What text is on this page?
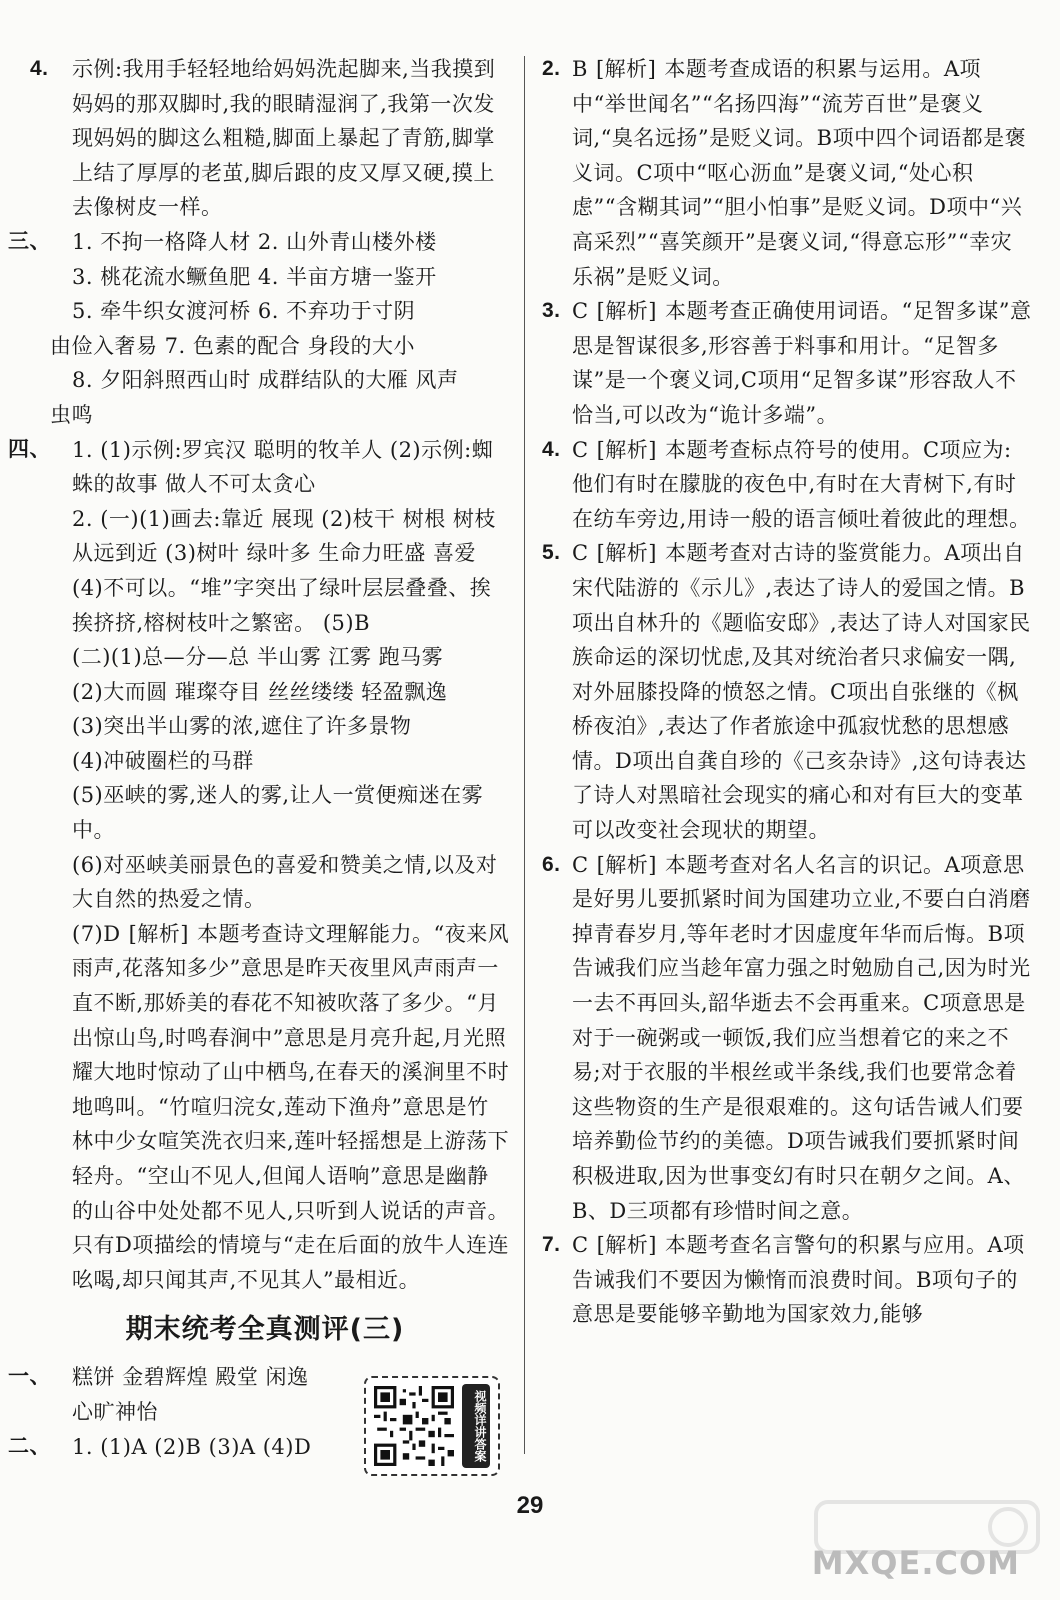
4. 示例:我用手轻轻地给妈妈洗起脚来,当我摸到妈妈的那双脚时,我的眼睛湿润了,我第一次发现妈妈的脚这么粗糙,脚面上暴起了青筋,脚掌上结了厚厚的老茧,脚后跟的皮又厚又硬,摸上去像树皮一样。

三、 1. 不拘一格降人材 2. 山外青山楼外楼
3. 桃花流水鳜鱼肥 4. 半亩方塘一鉴开
5. 牵牛织女渡河桥 6. 不弃功于寸阴
由俭入奢易 7. 色素的配合 身段的大小
8. 夕阳斜照西山时 成群结队的大雁 风声
虫鸣
四、 1. (1)示例:罗宾汉 聪明的牧羊人 (2)示例:蜘蛛的故事 做人不可太贪心
2. (一)(1)画去:靠近 展现 (2)枝干 树根 树枝 从远到近 (3)树叶 绿叶多 生命力旺盛 喜爱 (4)不可以。“堆”字突出了绿叶层层叠叠、挨挨挤挤,榕树枝叶之繁密。 (5)B
(二)(1)总—分—总 半山雾 江雾 跑马雾
(2)大而圆 璀璨夺目 丝丝缕缕 轻盈飘逸
(3)突出半山雾的浓,遮住了许多景物
(4)冲破圈栏的马群
(5)巫峡的雾,迷人的雾,让人一赏便痴迷在雾中。
(6)对巫峡美丽景色的喜爱和赞美之情,以及对大自然的热爱之情。
(7)D [ 解析 ] 本题考查诗文理解能力。“夜来风雨声,花落知多少”意思是昨天夜里风声雨声一直不断,那娇美的春花不知被吹落了多少。“月出惊山鸟,时鸣春涧中”意思是月亮升起,月光照耀大地时惊动了山中栖鸟,在春天的溪涧里不时地鸣叫。“竹喧归浣女,莲动下渔舟”意思是竹林中少女喧笑洗衣归来,莲叶轻摇想是上游荡下轻舟。“空山不见人,但闻人语响”意思是幽静的山谷中处处都不见人,只听到人说话的声音。只有D项描绘的情境与“走在后面的放牛人连连吆喝,却只闻其声,不见其人”最相近。
期末统考全真测评(三)
一、 糕饼 金碧辉煌 殿堂 闲逸
心旷神怡
二、 1. (1)A (2)B (3)A (4)D	视频详讲答案

2. B [ 解析 ] 本题考查成语的积累与运用。A项中“举世闻名”“名扬四海”“流芳百世”是褒义词,“臭名远扬”是贬义词。B项中四个词语都是褒义词。C项中“呕心沥血”是褒义词,“处心积虑”“含糊其词”“胆小怕事”是贬义词。D项中“兴高采烈”“喜笑颜开”是褒义词,“得意忘形”“幸灾乐祸”是贬义词。

3. C [ 解析 ] 本题考查正确使用词语。“足智多谋”意思是智谋很多,形容善于料事和用计。“足智多谋”是一个褒义词,C项用“足智多谋”形容敌人不恰当,可以改为“诡计多端”。

4. C [ 解析 ] 本题考查标点符号的使用。C项应为:他们有时在朦胧的夜色中,有时在大青树下,有时在纺车旁边,用诗一般的语言倾吐着彼此的理想。

5. C [ 解析 ] 本题考查对古诗的鉴赏能力。A项出自宋代陆游的《示儿》,表达了诗人的爱国之情。B项出自林升的《题临安邸》,表达了诗人对国家民族命运的深切忧虑,及其对统治者只求偏安一隅,对外屈膝投降的愤怒之情。C项出自张继的《枫桥夜泊》,表达了作者旅途中孤寂忧愁的思想感情。D项出自龚自珍的《己亥杂诗》,这句诗表达了诗人对黑暗社会现实的痛心和对有巨大的变革可以改变社会现状的期望。

6. C [ 解析 ] 本题考查对名人名言的识记。A项意思是好男儿要抓紧时间为国建功立业,不要白白消磨掉青春岁月,等年老时才因虚度年华而后悔。B项告诫我们应当趁年富力强之时勉励自己,因为时光一去不再回头,韶华逝去不会再重来。C项意思是对于一碗粥或一顿饭,我们应当想着它的来之不易;对于衣服的半根丝或半条线,我们也要常念着这些物资的生产是很艰难的。这句话告诫人们要培养勤俭节约的美德。D项告诫我们要抓紧时间积极进取,因为世事变幻有时只在朝夕之间。A、B、D三项都有珍惜时间之意。

7. C [ 解析 ] 本题考查名言警句的积累与应用。A项告诫我们不要因为懒惰而浪费时间。B项句子的意思是要能够辛勤地为国家效力,能够

29
MXQE.COM
